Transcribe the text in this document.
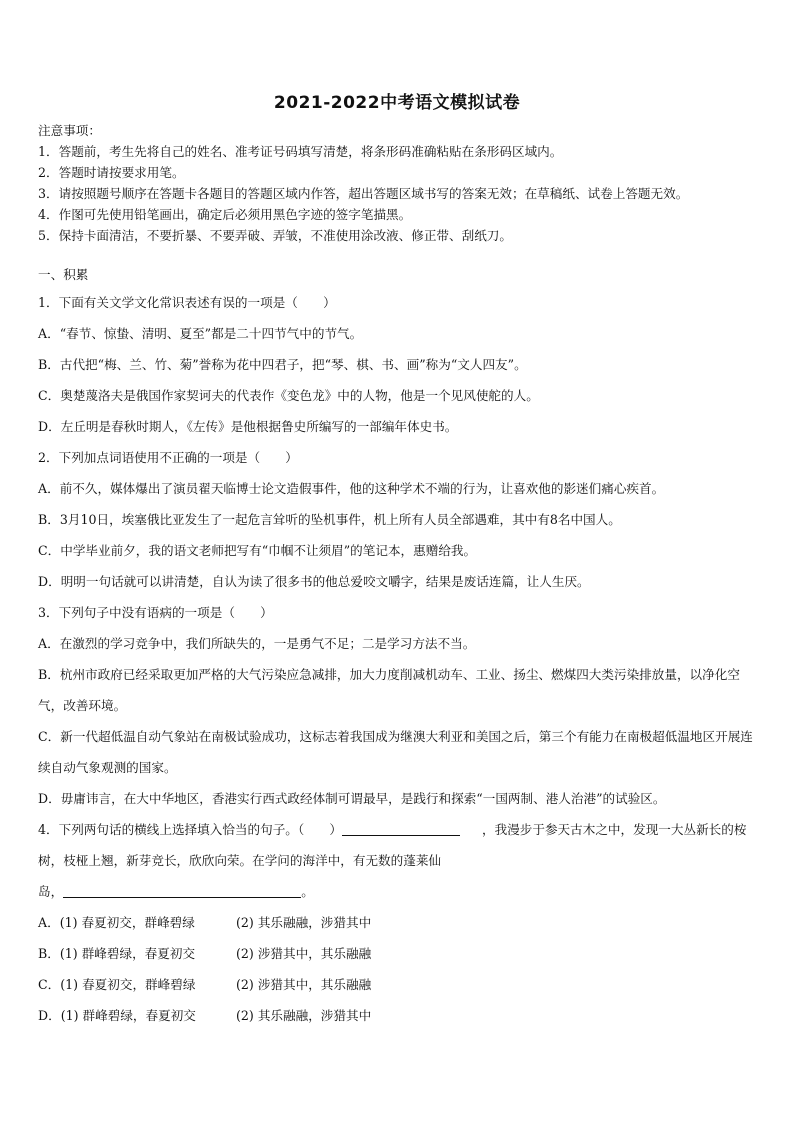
2021-2022中考语文模拟试卷
注意事项：
1．答题前，考生先将自己的姓名、准考证号码填写清楚，将条形码准确粘贴在条形码区域内。
2．答题时请按要求用笔。
3．请按照题号顺序在答题卡各题目的答题区域内作答，超出答题区域书写的答案无效；在草稿纸、试卷上答题无效。
4．作图可先使用铅笔画出，确定后必须用黑色字迹的签字笔描黑。
5．保持卡面清洁，不要折暴、不要弄破、弄皱，不准使用涂改液、修正带、刮纸刀。
一、积累
1．下面有关文学文化常识表述有误的一项是（　　）
A．“春节、惊蛰、清明、夏至”都是二十四节气中的节气。
B．古代把“梅、兰、竹、菊”誉称为花中四君子，把“琴、棋、书、画”称为“文人四友”。
C．奥楚蔑洛夫是俄国作家契诃夫的代表作《变色龙》中的人物，他是一个见风使舵的人。
D．左丘明是春秋时期人，《左传》是他根据鲁史所编写的一部编年体史书。
2．下列加点词语使用不正确的一项是（　　）
A．前不久，媒体爆出了演员翟天临博士论文造假事件，他的这种学术不端的行为，让喜欢他的影迷们痛心疾首。
B．3月10日，埃塞俄比亚发生了一起危言耸听的坠机事件，机上所有人员全部遇难，其中有8名中国人。
C．中学毕业前夕，我的语文老师把写有“巾帼不让须眉”的笔记本，惠赠给我。
D．明明一句话就可以讲清楚，自认为读了很多书的他总爱咬文嚼字，结果是废话连篇，让人生厌。
3．下列句子中没有语病的一项是（　　）
A．在激烈的学习竞争中，我们所缺失的，一是勇气不足；二是学习方法不当。
B．杭州市政府已经采取更加严格的大气污染应急减排，加大力度削减机动车、工业、扬尘、燃煤四大类污染排放量，以净化空气，改善环境。
C．新一代超低温自动气象站在南极试验成功，这标志着我国成为继澳大利亚和美国之后，第三个有能力在南极超低温地区开展连续自动气象观测的国家。
D．毋庸讳言，在大中华地区，香港实行西式政经体制可谓最早，是践行和探索“一国两制、港人治港”的试验区。
4．下列两句话的横线上选择填入恰当的句子。（　　）	，我漫步于参天古木之中，发现一大丛新长的桉树，枝桠上翘，新芽竞长，欣欣向荣。在学问的海洋中，有无数的蓬莱仙
岛，	。
A．(1) 春夏初交，群峰碧绿	(2) 其乐融融，涉猎其中
B．(1) 群峰碧绿，春夏初交	(2) 涉猎其中，其乐融融
C．(1) 春夏初交，群峰碧绿	(2) 涉猎其中，其乐融融
D．(1) 群峰碧绿，春夏初交	(2) 其乐融融，涉猎其中
